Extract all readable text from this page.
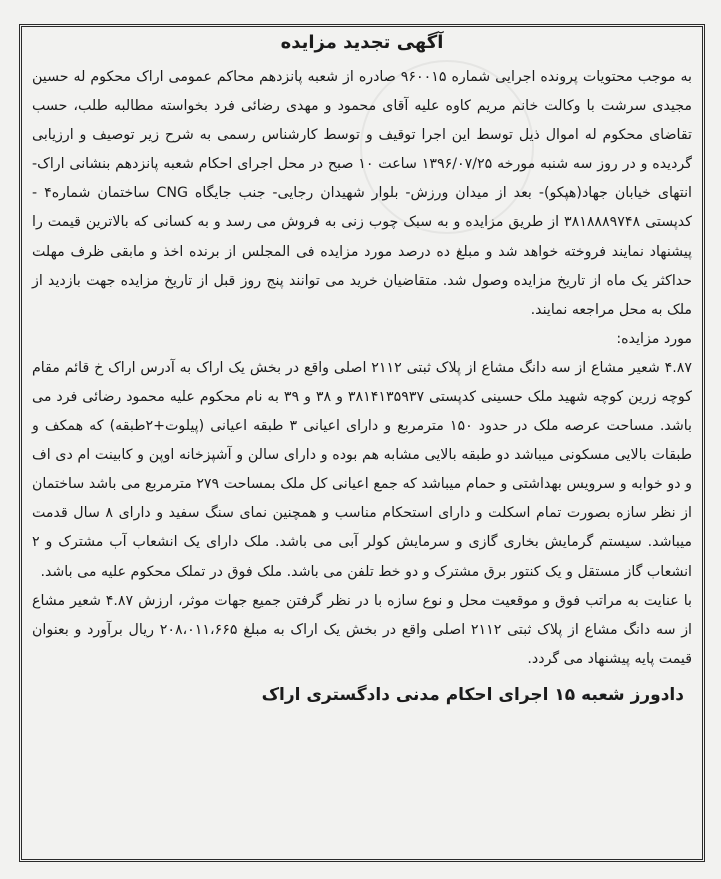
آگهی تجدید مزایده

به موجب محتویات پرونده اجرایی شماره ۹۶۰۰۱۵ صادره از شعبه پانزدهم محاکم عمومی اراک محکوم له حسین مجیدی سرشت با وکالت خانم مریم کاوه علیه آقای محمود و مهدی رضائی فرد بخواسته مطالبه طلب، حسب تقاضای محکوم له اموال ذیل توسط این اجرا توقیف و توسط کارشناس رسمی به شرح زیر توصیف و ارزیابی گردیده و در روز سه شنبه مورخه ۱۳۹۶/۰۷/۲۵ ساعت ۱۰ صبح در محل اجرای احکام شعبه پانزدهم بنشانی اراک- انتهای خیابان جهاد(هپکو)- بعد از میدان ورزش- بلوار شهیدان رجایی- جنب جایگاه CNG ساختمان شماره۴ - کدپستی ۳۸۱۸۸۸۹۷۴۸ از طریق مزایده و به سبک چوب زنی به فروش می رسد و به کسانی که بالاترین قیمت را پیشنهاد نمایند فروخته خواهد شد و مبلغ ده درصد مورد مزایده فی المجلس از برنده اخذ و مابقی ظرف مهلت حداکثر یک ماه از تاریخ مزایده وصول شد. متقاضیان خرید می توانند پنج روز قبل از تاریخ مزایده جهت بازدید از ملک به محل مراجعه نمایند.

مورد مزایده:

۴.۸۷ شعیر مشاع از سه دانگ مشاع از پلاک ثبتی ۲۱۱۲ اصلی واقع در بخش یک اراک به آدرس اراک خ قائم مقام کوچه زرین کوچه شهید ملک حسینی کدپستی ۳۸۱۴۱۳۵۹۳۷ و ۳۸ و ۳۹ به نام محکوم علیه محمود رضائی فرد می باشد. مساحت عرصه ملک در حدود ۱۵۰ مترمربع و دارای اعیانی ۳ طبقه اعیانی (پیلوت+۲طبقه) که همکف و طبقات بالایی مسکونی میباشد دو طبقه بالایی مشابه هم بوده و دارای سالن و آشپزخانه اوپن و کابینت ام دی اف و دو خوابه و سرویس بهداشتی و حمام میباشد که جمع اعیانی کل ملک بمساحت ۲۷۹ مترمربع می باشد ساختمان از نظر سازه بصورت تمام اسکلت و دارای استحکام مناسب و همچنین نمای سنگ سفید و دارای ۸ سال قدمت میباشد. سیستم گرمایش بخاری گازی و سرمایش کولر آبی می باشد. ملک دارای یک انشعاب آب مشترک و ۲ انشعاب گاز مستقل و یک کنتور برق مشترک و دو خط تلفن می باشد. ملک فوق در تملک محکوم علیه می باشد.

با عنایت به مراتب فوق و موقعیت محل و نوع سازه با در نظر گرفتن جمیع جهات موثر، ارزش ۴.۸۷ شعیر مشاع از سه دانگ مشاع از پلاک ثبتی ۲۱۱۲ اصلی واقع در بخش یک اراک به مبلغ ۲۰۸،۰۱۱،۶۶۵ ریال برآورد و بعنوان قیمت پایه پیشنهاد می گردد.

دادورز شعبه ۱۵ اجرای احکام مدنی دادگستری اراک
